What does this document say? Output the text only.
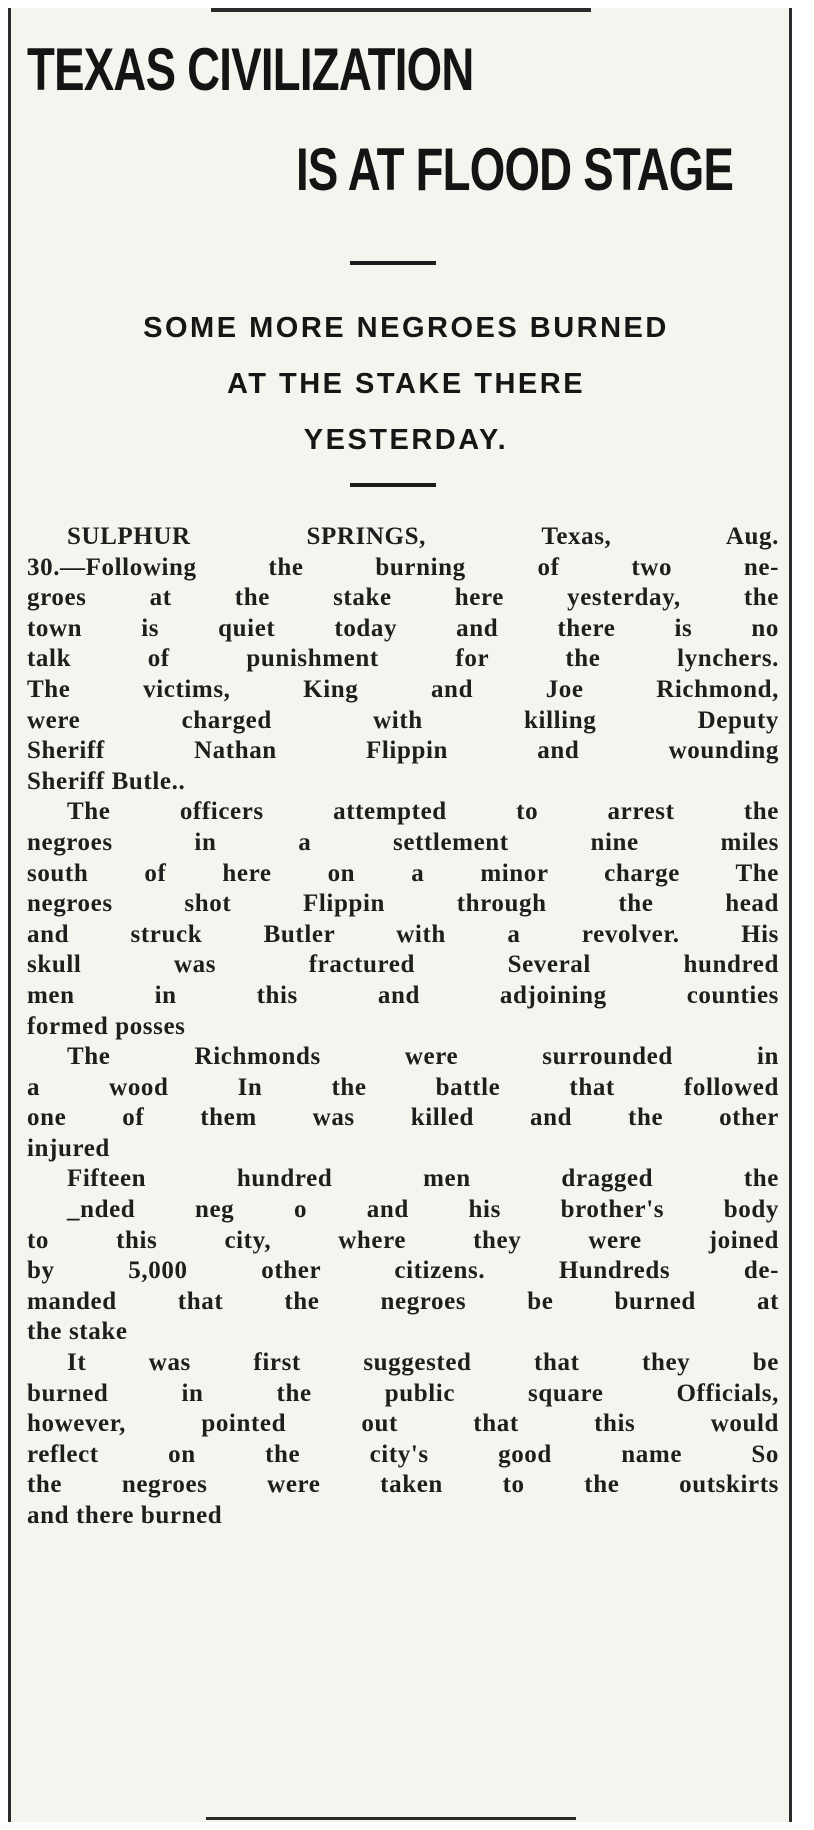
TEXAS CIVILIZATION
IS AT FLOOD STAGE
SOME MORE NEGROES BURNED
AT THE STAKE THERE
YESTERDAY.
SULPHUR SPRINGS, Texas, Aug.
30.—Following the burning of two ne-
groes at the stake here yesterday, the
town is quiet today and there is no
talk of punishment for the lynchers.
The victims, King and Joe Richmond,
were charged with killing Deputy
Sheriff Nathan Flippin and wounding
Sheriff Butle..
The officers attempted to arrest the
negroes in a settlement nine miles
south of here on a minor charge The
negroes shot Flippin through the head
and struck Butler with a revolver. His
skull was fractured Several hundred
men in this and adjoining counties
formed posses
The Richmonds were surrounded in
a wood In the battle that followed
one of them was killed and the other
injured
Fifteen hundred men dragged the
_nded neg o and his brother's body
to this city, where they were joined
by 5,000 other citizens. Hundreds de-
manded that the negroes be burned at
the stake
It was first suggested that they be
burned in the public square Officials,
however, pointed out that this would
reflect on the city's good name So
the negroes were taken to the outskirts
and there burned
